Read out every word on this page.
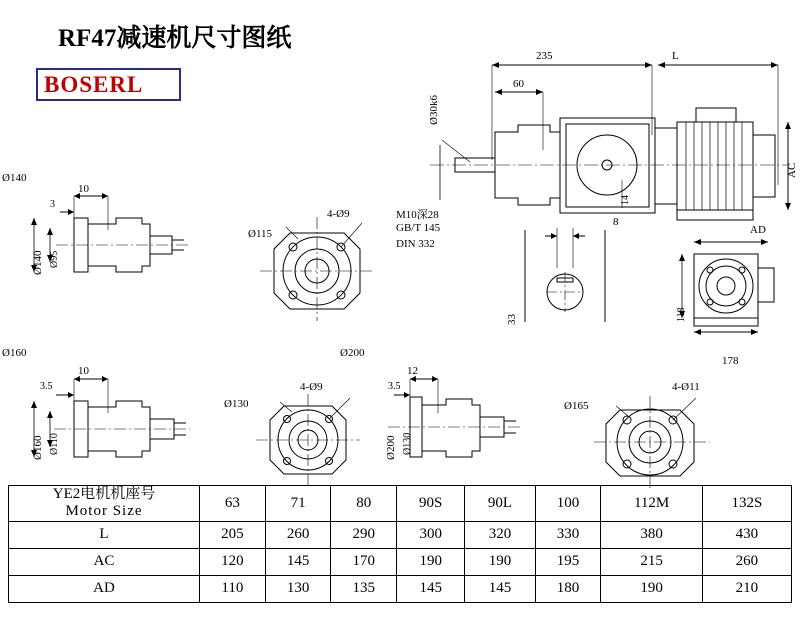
RF47减速机尺寸图纸
BOSERL
235	L
60
Ø30k6
AC
14
M10深28
GB/T 145
DIN 332
8
33
AD
118
178
Ø140
10
3
Ø140 Ø95
4-Ø9
Ø115
Ø160
10
3.5
Ø160 Ø110
4-Ø9
Ø130
Ø200
12
3.5
Ø200 Ø130
4-Ø11
Ø165
YE2电机机座号
Motor Size	63	71	80	90S	90L	100	112M	132S
L	205	260	290	300	320	330	380	430
AC	120	145	170	190	190	195	215	260
AD	110	130	135	145	145	180	190	210
